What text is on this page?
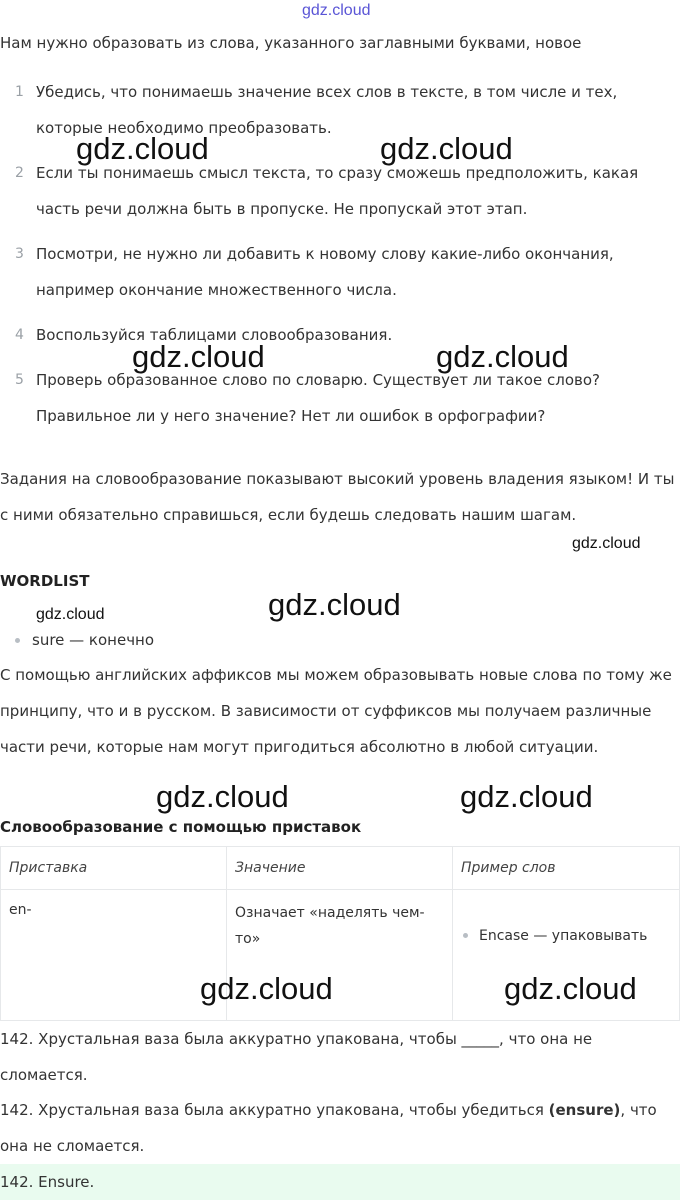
gdz.cloud
gdz.cloud	gdz.cloud
gdz.cloud	gdz.cloud
gdz.cloud
gdz.cloud	gdz.cloud
gdz.cloud	gdz.cloud
gdz.cloud	gdz.cloud
Нам нужно образовать из слова, указанного заглавными буквами, новое
1 Убедись, что понимаешь значение всех слов в тексте, в том числе и тех, которые необходимо преобразовать.
2 Если ты понимаешь смысл текста, то сразу сможешь предположить, какая часть речи должна быть в пропуске. Не пропускай этот этап.
3 Посмотри, не нужно ли добавить к новому слову какие-либо окончания, например окончание множественного числа.
4 Воспользуйся таблицами словообразования.
5 Проверь образованное слово по словарю. Существует ли такое слово? Правильное ли у него значение? Нет ли ошибок в орфографии?
Задания на словообразование показывают высокий уровень владения языком! И ты с ними обязательно справишься, если будешь следовать нашим шагам.
WORDLIST
sure — конечно
С помощью английских аффиксов мы можем образовывать новые слова по тому же принципу, что и в русском. В зависимости от суффиксов мы получаем различные части речи, которые нам могут пригодиться абсолютно в любой ситуации.
Словообразование с помощью приставок
Приставка	Значение	Пример слов
en-	Означает «наделять чем-то»	Encase — упаковывать
142. Хрустальная ваза была аккуратно упакована, чтобы _____, что она не сломается.
142. Хрустальная ваза была аккуратно упакована, чтобы убедиться (ensure), что она не сломается.
142. Ensure.
